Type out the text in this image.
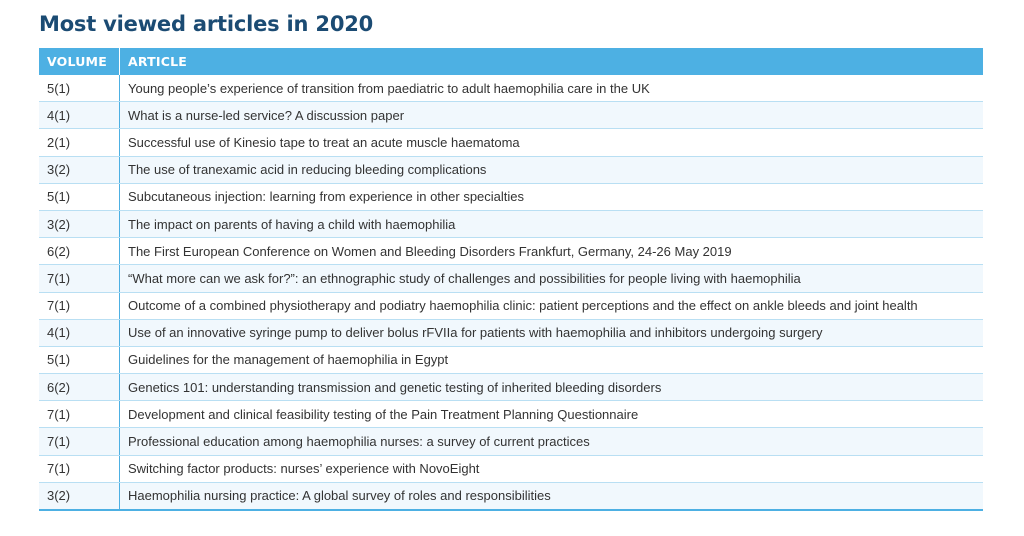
Most viewed articles in 2020
VOLUME	ARTICLE
5(1)	Young people’s experience of transition from paediatric to adult haemophilia care in the UK
4(1)	What is a nurse-led service? A discussion paper
2(1)	Successful use of Kinesio tape to treat an acute muscle haematoma
3(2)	The use of tranexamic acid in reducing bleeding complications
5(1)	Subcutaneous injection: learning from experience in other specialties
3(2)	The impact on parents of having a child with haemophilia
6(2)	The First European Conference on Women and Bleeding Disorders Frankfurt, Germany, 24-26 May 2019
7(1)	“What more can we ask for?”: an ethnographic study of challenges and possibilities for people living with haemophilia
7(1)	Outcome of a combined physiotherapy and podiatry haemophilia clinic: patient perceptions and the effect on ankle bleeds and joint health
4(1)	Use of an innovative syringe pump to deliver bolus rFVIIa for patients with haemophilia and inhibitors undergoing surgery
5(1)	Guidelines for the management of haemophilia in Egypt
6(2)	Genetics 101: understanding transmission and genetic testing of inherited bleeding disorders
7(1)	Development and clinical feasibility testing of the Pain Treatment Planning Questionnaire
7(1)	Professional education among haemophilia nurses: a survey of current practices
7(1)	Switching factor products: nurses’ experience with NovoEight
3(2)	Haemophilia nursing practice: A global survey of roles and responsibilities
